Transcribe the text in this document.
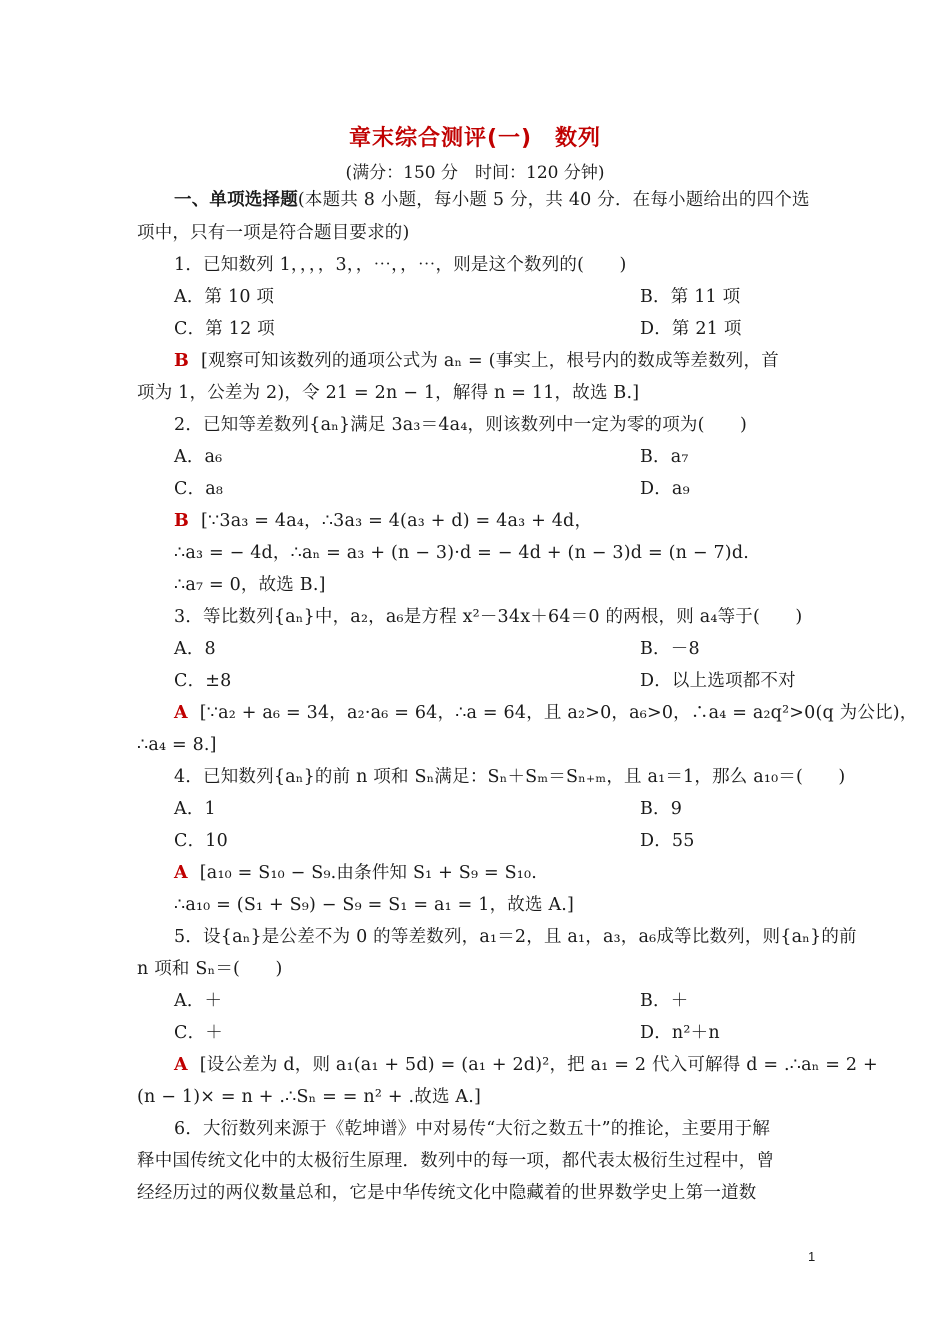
章末综合测评(一)　数列
(满分：150 分　时间：120 分钟)
一、单项选择题(本题共 8 小题，每小题 5 分，共 40 分．在每小题给出的四个选
项中，只有一项是符合题目要求的)
1．已知数列 1，，，，3，，⋯，，⋯，则是这个数列的(　　)
A．第 10 项	B．第 11 项
C．第 12 项	D．第 21 项
B [观察可知该数列的通项公式为 aₙ = (事实上，根号内的数成等差数列，首
项为 1，公差为 2)，令 21 = 2n − 1，解得 n = 11，故选 B.]
2．已知等差数列{aₙ}满足 3a₃＝4a₄，则该数列中一定为零的项为(　　)
A．a₆	B．a₇
C．a₈	D．a₉
B [∵3a₃ = 4a₄，∴3a₃ = 4(a₃ + d) = 4a₃ + 4d，
∴a₃ = − 4d，∴aₙ = a₃ + (n − 3)·d = − 4d + (n − 3)d = (n − 7)d.
∴a₇ = 0，故选 B.]
3．等比数列{aₙ}中，a₂，a₆是方程 x²－34x＋64＝0 的两根，则 a₄等于(　　)
A．8	B．－8
C．±8	D．以上选项都不对
A [∵a₂ + a₆ = 34，a₂·a₆ = 64，∴a = 64，且 a₂>0，a₆>0，∴a₄ = a₂q²>0(q 为公比)，
∴a₄ = 8.]
4．已知数列{aₙ}的前 n 项和 Sₙ满足：Sₙ＋Sₘ＝Sₙ₊ₘ，且 a₁＝1，那么 a₁₀＝(　　)
A．1	B．9
C．10	D．55
A [a₁₀ = S₁₀ − S₉.由条件知 S₁ + S₉ = S₁₀.
∴a₁₀ = (S₁ + S₉) − S₉ = S₁ = a₁ = 1，故选 A.]
5．设{aₙ}是公差不为 0 的等差数列，a₁＝2，且 a₁，a₃，a₆成等比数列，则{aₙ}的前
n 项和 Sₙ＝(　　)
A．＋	B．＋
C．＋	D．n²＋n
A [设公差为 d，则 a₁(a₁ + 5d) = (a₁ + 2d)²，把 a₁ = 2 代入可解得 d = .∴aₙ = 2 +
(n − 1)× = n + .∴Sₙ = = n² + .故选 A.]
6．大衍数列来源于《乾坤谱》中对易传“大衍之数五十”的推论，主要用于解
释中国传统文化中的太极衍生原理．数列中的每一项，都代表太极衍生过程中，曾
经经历过的两仪数量总和，它是中华传统文化中隐藏着的世界数学史上第一道数
1
